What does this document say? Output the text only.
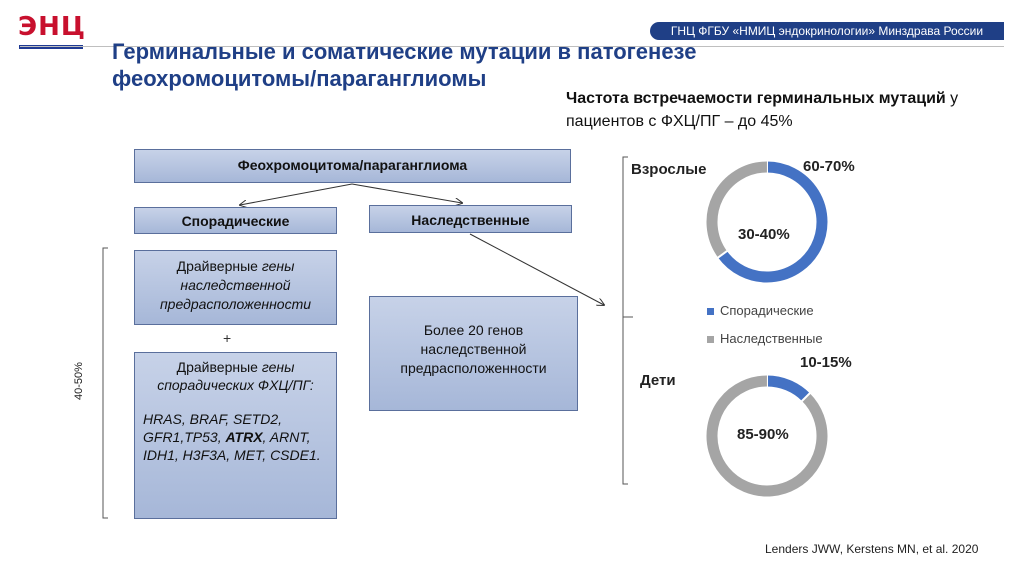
ЭНЦ	ГНЦ ФГБУ «НМИЦ эндокринологии» Минздрава России
Герминальные и соматические мутации в патогенезе
феохромоцитомы/параганглиомы
Частота встречаемости герминальных мутаций у пациентов с ФХЦ/ПГ – до 45%
Феохромоцитома/параганглиома
Спорадические	Наследственные
Драйверные гены наследственной предрасположенности
+
Драйверные гены спорадических ФХЦ/ПГ:
HRAS, BRAF, SETD2, GFR1,TP53, ATRX, ARNT, IDH1, H3F3A, MET, CSDE1.
Более 20 генов наследственной предрасположенности
40-50%
Взрослые	60-70%
30-40%
Дети
10-15%
85-90%
Спорадические
Наследственные
Lenders JWW, Kerstens MN, et al. 2020
